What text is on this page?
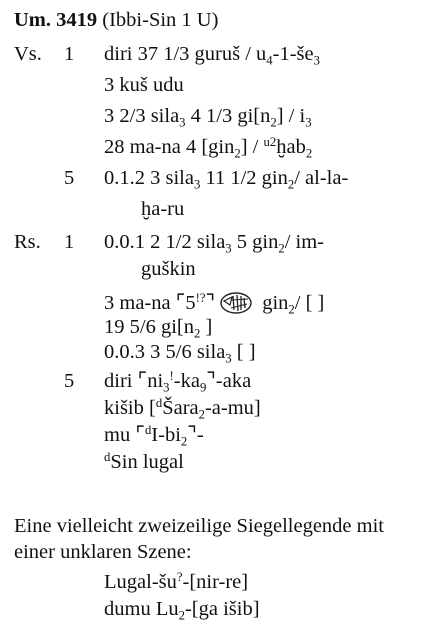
Um. 3419 (Ibbi-Sin 1 U)
Vs. 1 diri 37 1/3 guruš / $u_4-1-še_3$
3 kuš udu
3 2/3 sila$_3$ 4 1/3 $gi[n_2] / i_3$
28 ma-na 4 [gin$_2$] / $^{u2}$ḫab$_2$
5 0.1.2 3 sila$_3$ 11 1/2 gin$_2$/ al-la-
ḫa-ru
Rs. 1 0.0.1 2 1/2 sila$_3$ 5 gin$_2$/ im-
guškin
3 ma-na ⌜5!?⌝ gin$_2$/ [ ]
19 5/6 $gi[n_2$ ]
0.0.3 3 5/6 sila$_3$ [ ]
5 diri $⌜ni_3^!-ka_9⌝$-aka
kišib [$^d$Šara$_2$-a-mu]
mu $⌜^dI-bi_2⌝-$
$^d$Sin lugal
Eine vielleicht zweizeilige Siegellegende mit
einer unklaren Szene:
Lugal-šu?-[nir-re]
dumu $Lu_2-[ga$ išib]
